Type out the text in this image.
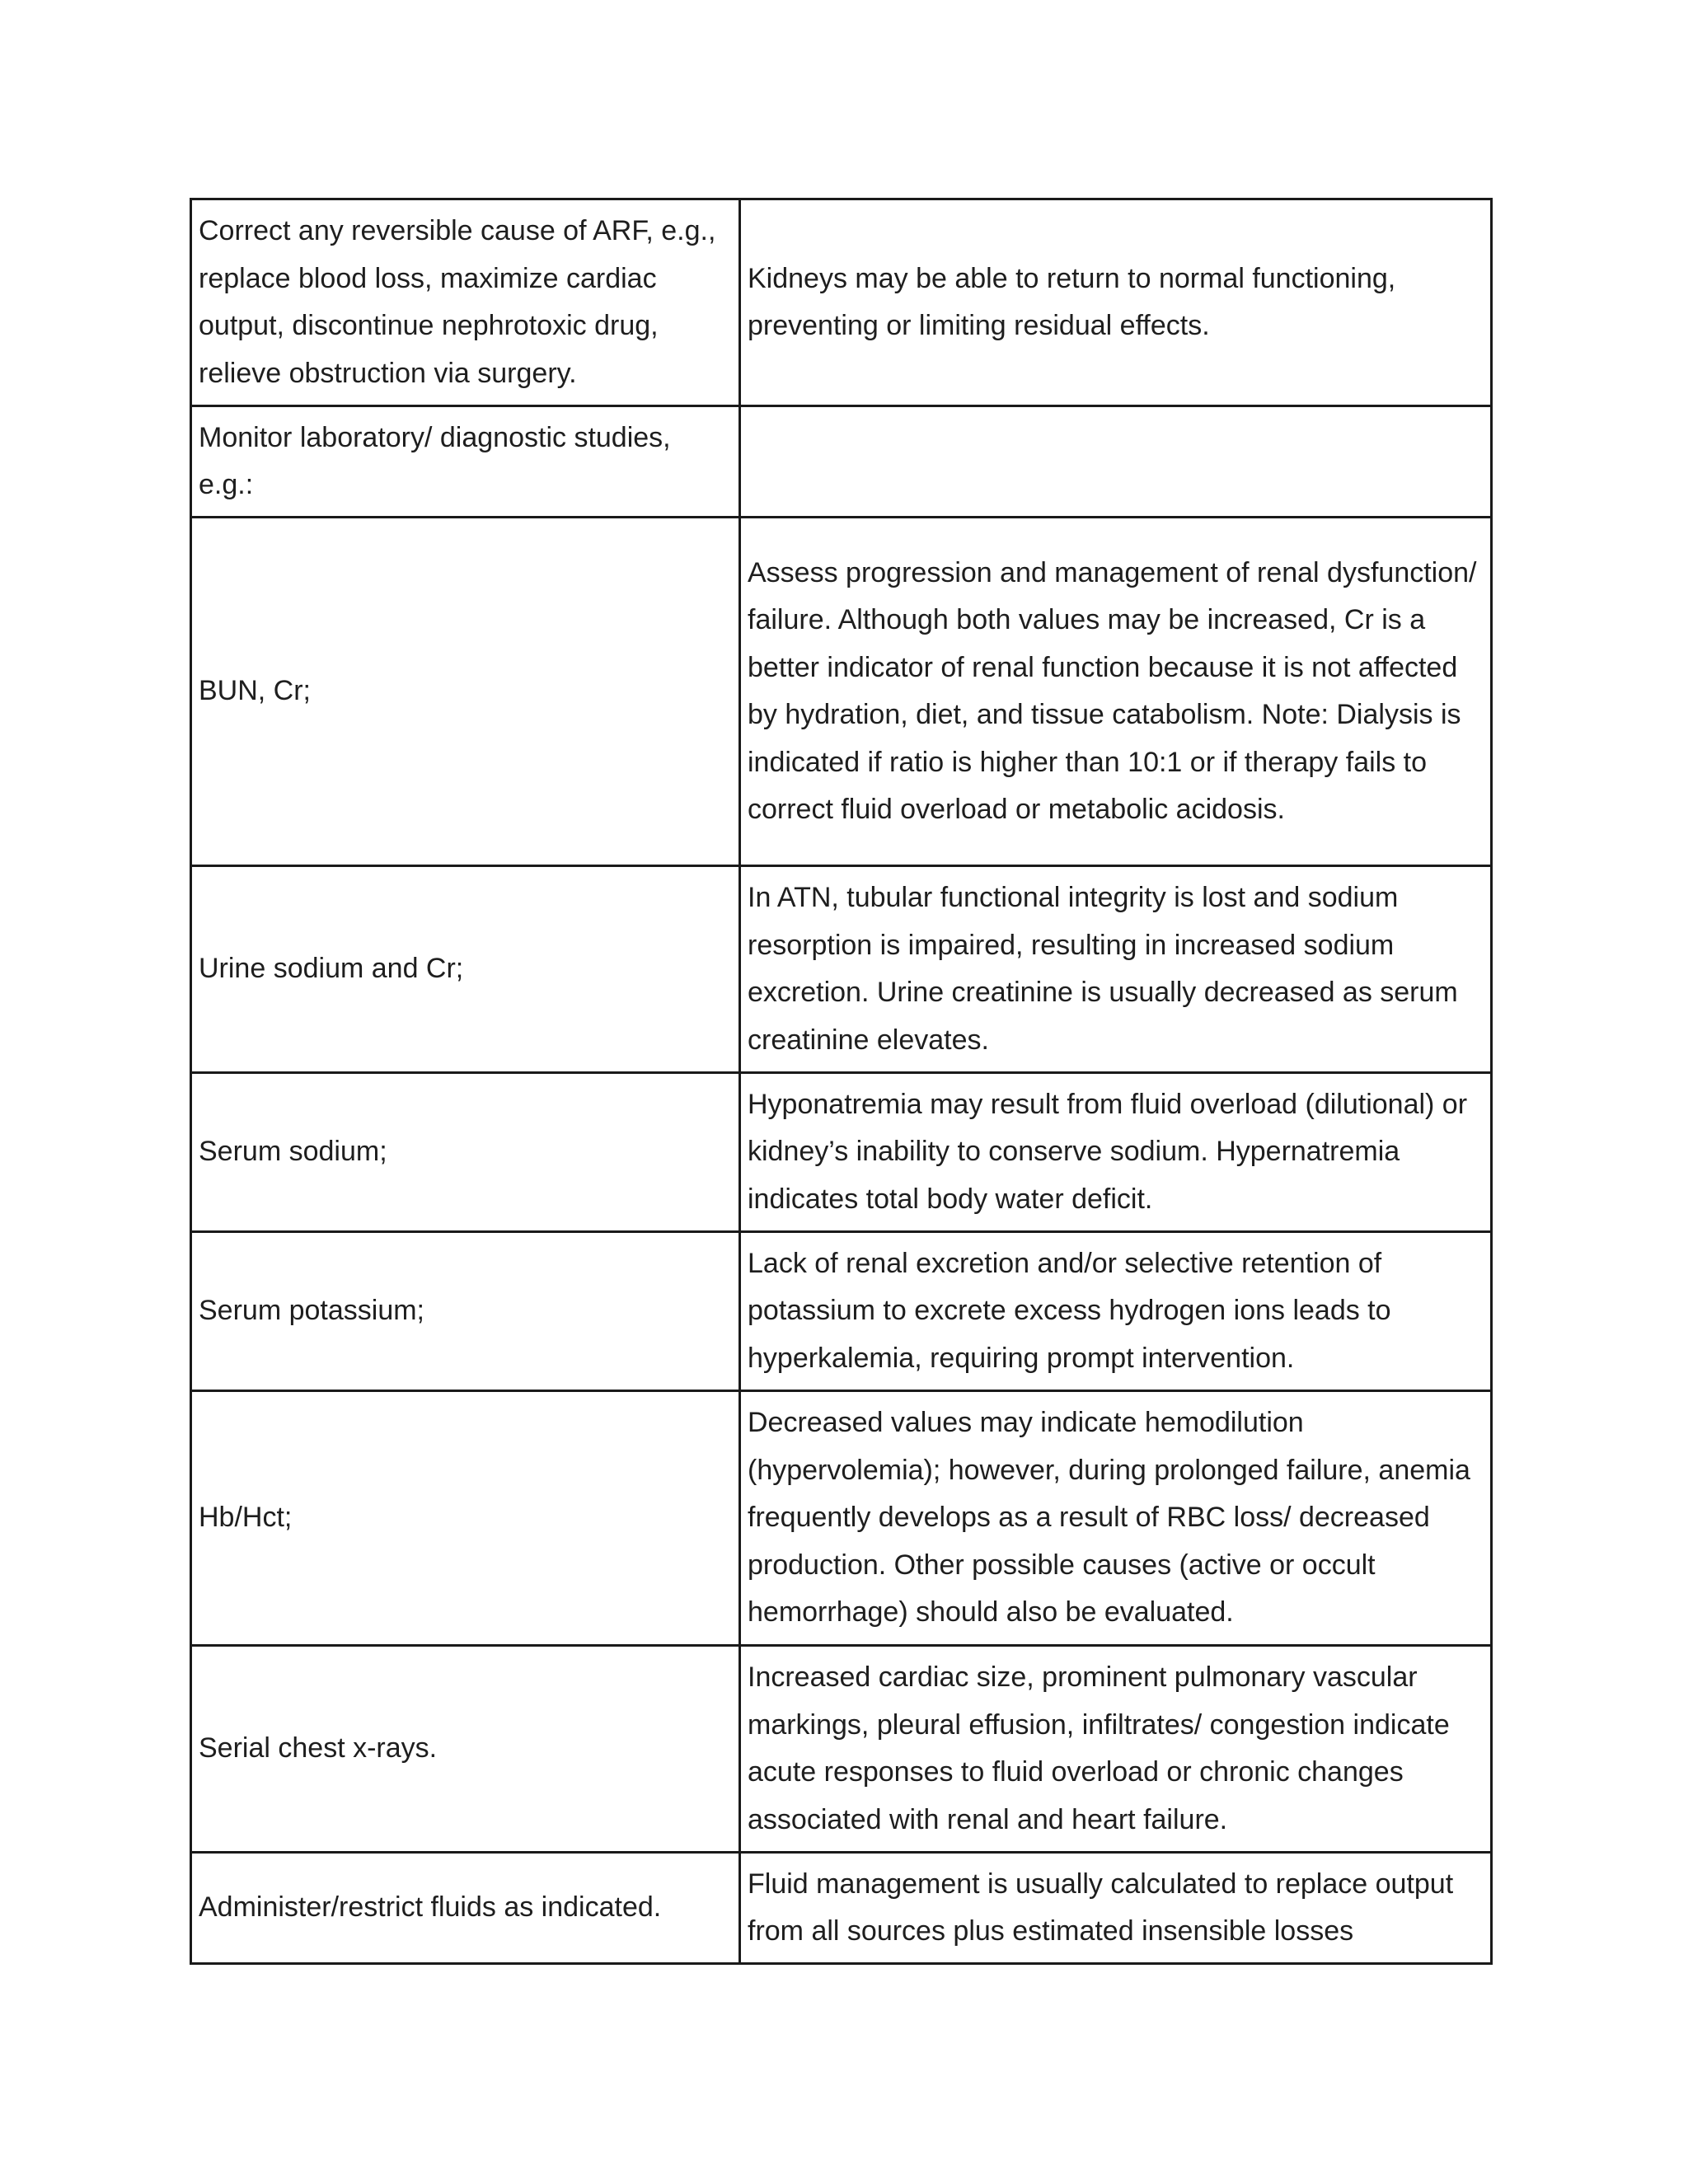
Correct any reversible cause of ARF, e.g., replace blood loss, maximize cardiac output, discontinue nephrotoxic drug, relieve obstruction via surgery.	Kidneys may be able to return to normal functioning, preventing or limiting residual effects.
Monitor laboratory/ diagnostic studies, e.g.:	
BUN, Cr;	Assess progression and management of renal dysfunction/ failure. Although both values may be increased, Cr is a better indicator of renal function because it is not affected by hydration, diet, and tissue catabolism. Note: Dialysis is indicated if ratio is higher than 10:1 or if therapy fails to correct fluid overload or metabolic acidosis.
Urine sodium and Cr;	In ATN, tubular functional integrity is lost and sodium resorption is impaired, resulting in increased sodium excretion. Urine creatinine is usually decreased as serum creatinine elevates.
Serum sodium;	Hyponatremia may result from fluid overload (dilutional) or kidney’s inability to conserve sodium. Hypernatremia indicates total body water deficit.
Serum potassium;	Lack of renal excretion and/or selective retention of potassium to excrete excess hydrogen ions leads to hyperkalemia, requiring prompt intervention.
Hb/Hct;	Decreased values may indicate hemodilution (hypervolemia); however, during prolonged failure, anemia frequently develops as a result of RBC loss/ decreased production. Other possible causes (active or occult hemorrhage) should also be evaluated.
Serial chest x-rays.	Increased cardiac size, prominent pulmonary vascular markings, pleural effusion, infiltrates/ congestion indicate acute responses to fluid overload or chronic changes associated with renal and heart failure.
Administer/restrict fluids as indicated.	Fluid management is usually calculated to replace output from all sources plus estimated insensible losses
